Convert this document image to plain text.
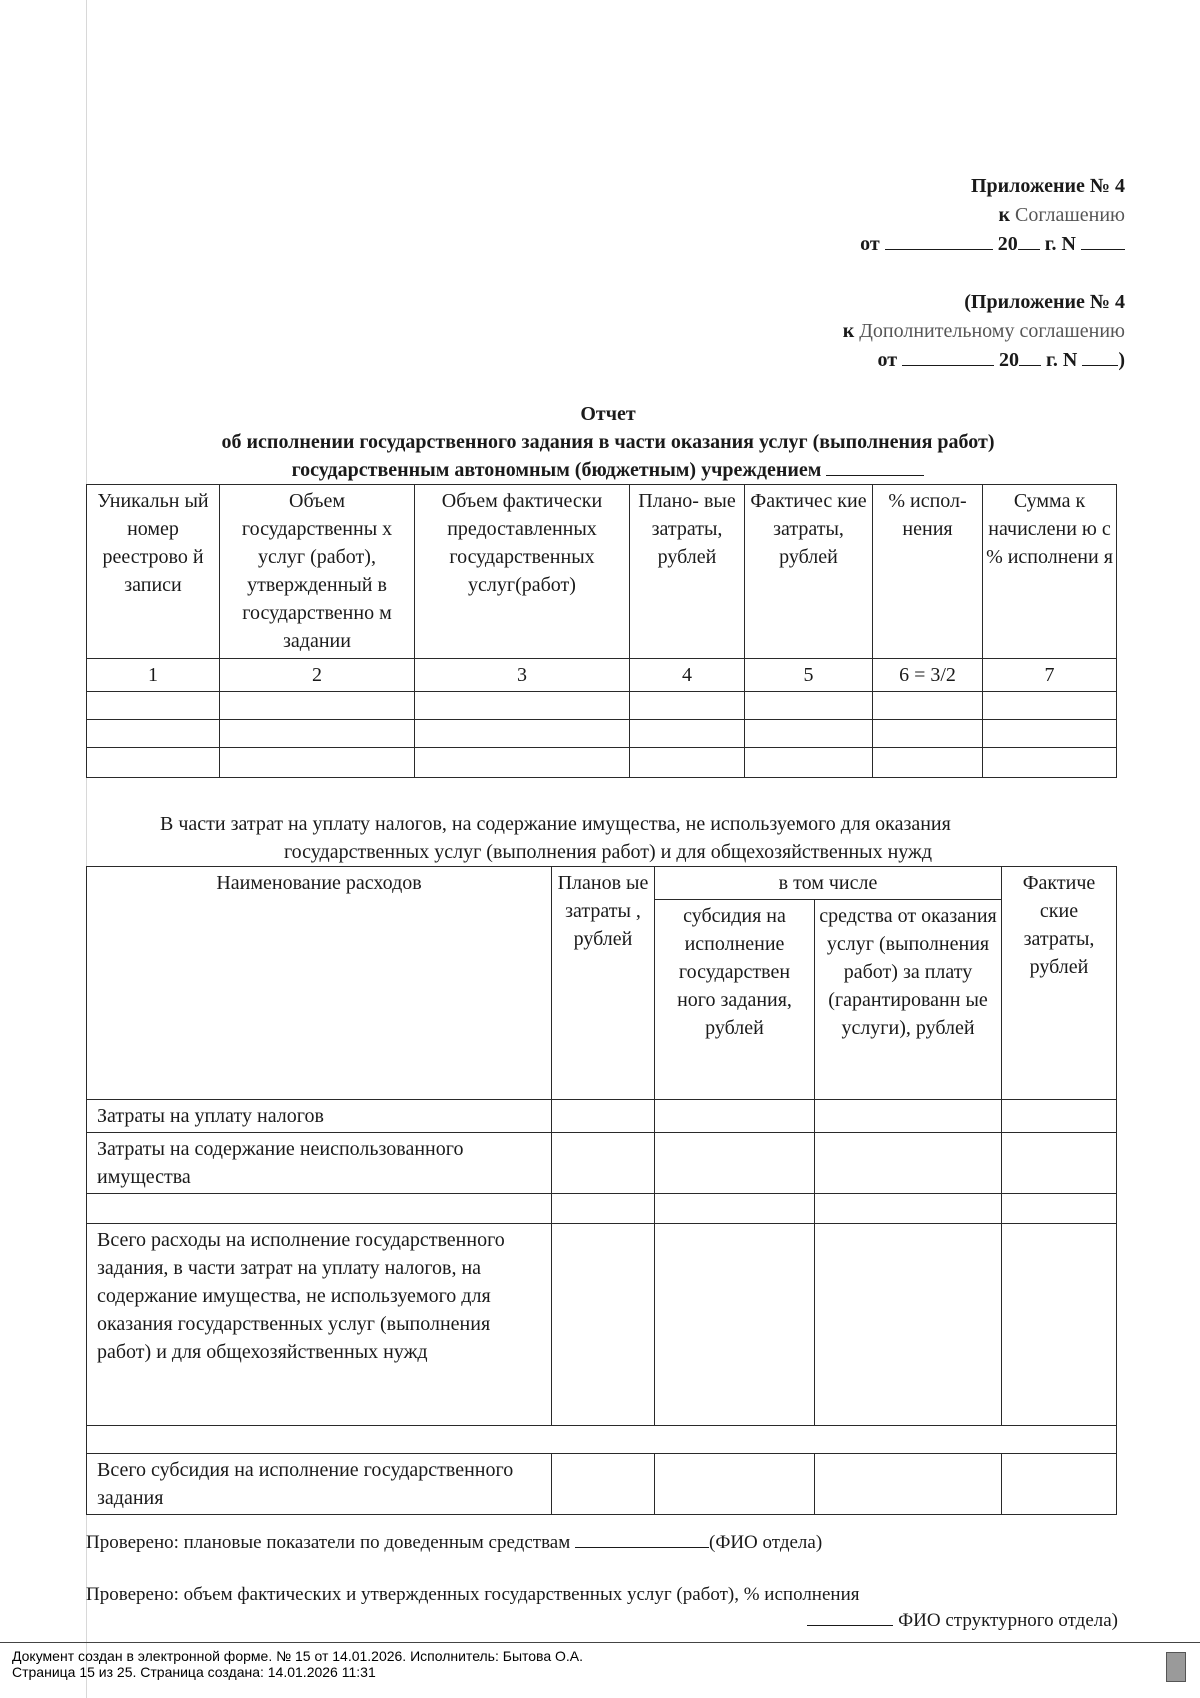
Приложение № 4
к Соглашению
от	20 г. N
(Приложение № 4
к Дополнительному соглашению
от	20 г. N )
Отчет
об исполнении государственного задания в части оказания услуг (выполнения работ)
государственным автономным (бюджетным) учреждением
Уникальн ый номер реестрово й записи	Объем государственны х услуг (работ), утвержденный в государственно м задании	Объем фактически предоставленных государственных услуг(работ)	Плано- вые затраты, рублей	Фактичес кие затраты, рублей	% испол- нения	Сумма к начислени ю с % исполнени я
1	2	3	4	5	6 = 3/2	7

В части затрат на уплату налогов, на содержание имущества, не используемого для оказания
государственных услуг (выполнения работ) и для общехозяйственных нужд
Наименование расходов	Планов ые затраты , рублей	в том числе		Фактиче ские затраты, рублей
		субсидия на исполнение государствен ного задания, рублей	средства от оказания услуг (выполнения работ) за плату (гарантированн ые услуги), рублей	
Затраты на уплату налогов				
Затраты на содержание неиспользованного имущества				

Всего расходы на исполнение государственного задания, в части затрат на уплату налогов, на содержание имущества, не используемого для оказания государственных услуг (выполнения работ) и для общехозяйственных нужд				

Всего субсидия на исполнение государственного задания				
Проверено: плановые показатели по доведенным средствам	(ФИО отдела)
Проверено: объем фактических и утвержденных государственных услуг (работ), % исполнения
ФИО структурного отдела)
Документ создан в электронной форме. № 15 от 14.01.2026. Исполнитель: Бытова О.А.
Страница 15 из 25. Страница создана: 14.01.2026 11:31
